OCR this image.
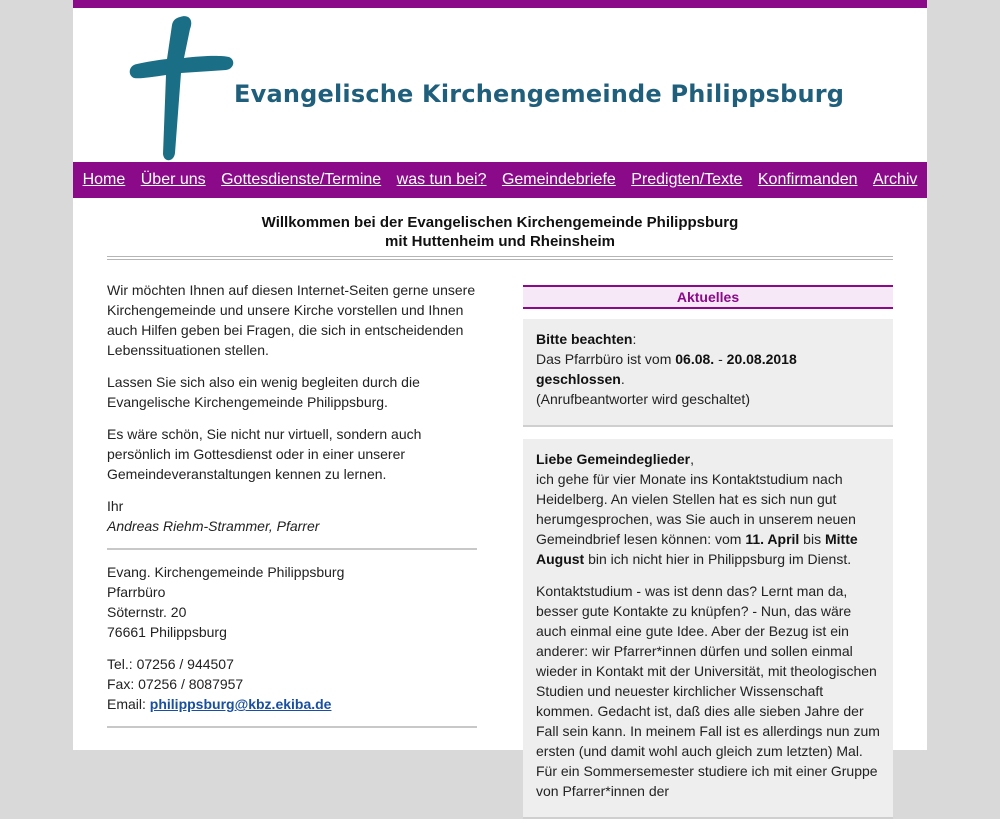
Evangelische Kirchengemeinde Philippsburg
Home Über uns Gottesdienste/Termine was tun bei? Gemeindebriefe Predigten/Texte Konfirmanden Archiv
Willkommen bei der Evangelischen Kirchengemeinde Philippsburg
mit Huttenheim und Rheinsheim

Wir möchten Ihnen auf diesen Internet-Seiten gerne unsere Kirchengemeinde und unsere Kirche vorstellen und Ihnen auch Hilfen geben bei Fragen, die sich in entscheidenden Lebenssituationen stellen.

Lassen Sie sich also ein wenig begleiten durch die Evangelische Kirchengemeinde Philippsburg.

Es wäre schön, Sie nicht nur virtuell, sondern auch persönlich im Gottesdienst oder in einer unserer Gemeindeveranstaltungen kennen zu lernen.

Ihr
Andreas Riehm-Strammer, Pfarrer
Evang. Kirchengemeinde Philippsburg
Pfarrbüro
Söternstr. 20
76661 Philippsburg
Tel.: 07256 / 944507
Fax: 07256 / 8087957
Email: philippsburg@kbz.ekiba.de
Aktuelles
Bitte beachten:
Das Pfarrbüro ist vom 06.08. - 20.08.2018 geschlossen.
(Anrufbeantworter wird geschaltet)

Liebe Gemeindeglieder,
ich gehe für vier Monate ins Kontaktstudium nach Heidelberg. An vielen Stellen hat es sich nun gut herumgesprochen, was Sie auch in unserem neuen Gemeindbrief lesen können: vom 11. April bis Mitte August bin ich nicht hier in Philippsburg im Dienst.

Kontaktstudium - was ist denn das? Lernt man da, besser gute Kontakte zu knüpfen? - Nun, das wäre auch einmal eine gute Idee. Aber der Bezug ist ein anderer: wir Pfarrer*innen dürfen und sollen einmal wieder in Kontakt mit der Universität, mit theologischen Studien und neuester kirchlicher Wissenschaft kommen. Gedacht ist, daß dies alle sieben Jahre der Fall sein kann. In meinem Fall ist es allerdings nun zum ersten (und damit wohl auch gleich zum letzten) Mal. Für ein Sommersemester studiere ich mit einer Gruppe von Pfarrer*innen der
